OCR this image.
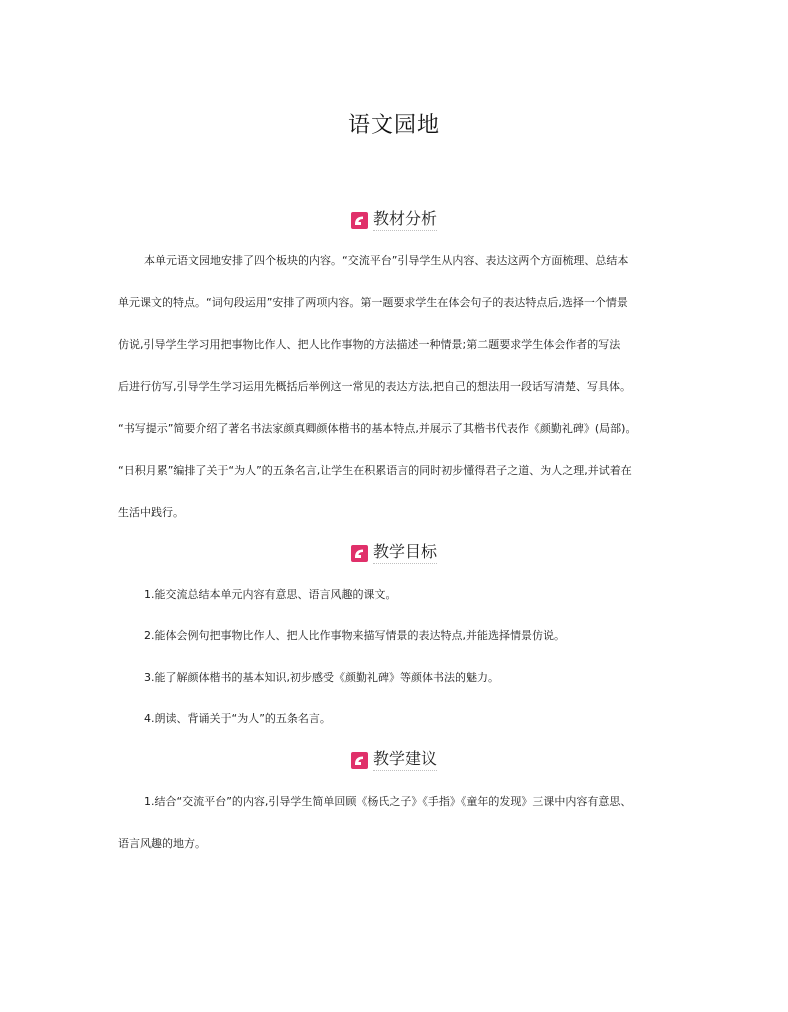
语文园地
教材分析
本单元语文园地安排了四个板块的内容。“交流平台”引导学生从内容、表达这两个方面梳理、总结本
单元课文的特点。“词句段运用”安排了两项内容。第一题要求学生在体会句子的表达特点后,选择一个情景
仿说,引导学生学习用把事物比作人、把人比作事物的方法描述一种情景;第二题要求学生体会作者的写法
后进行仿写,引导学生学习运用先概括后举例这一常见的表达方法,把自己的想法用一段话写清楚、写具体。
“书写提示”简要介绍了著名书法家颜真卿颜体楷书的基本特点,并展示了其楷书代表作《颜勤礼碑》(局部)。
“日积月累”编排了关于“为人”的五条名言,让学生在积累语言的同时初步懂得君子之道、为人之理,并试着在
生活中践行。
教学目标
1.能交流总结本单元内容有意思、语言风趣的课文。
2.能体会例句把事物比作人、把人比作事物来描写情景的表达特点,并能选择情景仿说。
3.能了解颜体楷书的基本知识,初步感受《颜勤礼碑》等颜体书法的魅力。
4.朗读、背诵关于“为人”的五条名言。
教学建议
1.结合“交流平台”的内容,引导学生简单回顾《杨氏之子》《手指》《童年的发现》三课中内容有意思、
语言风趣的地方。
